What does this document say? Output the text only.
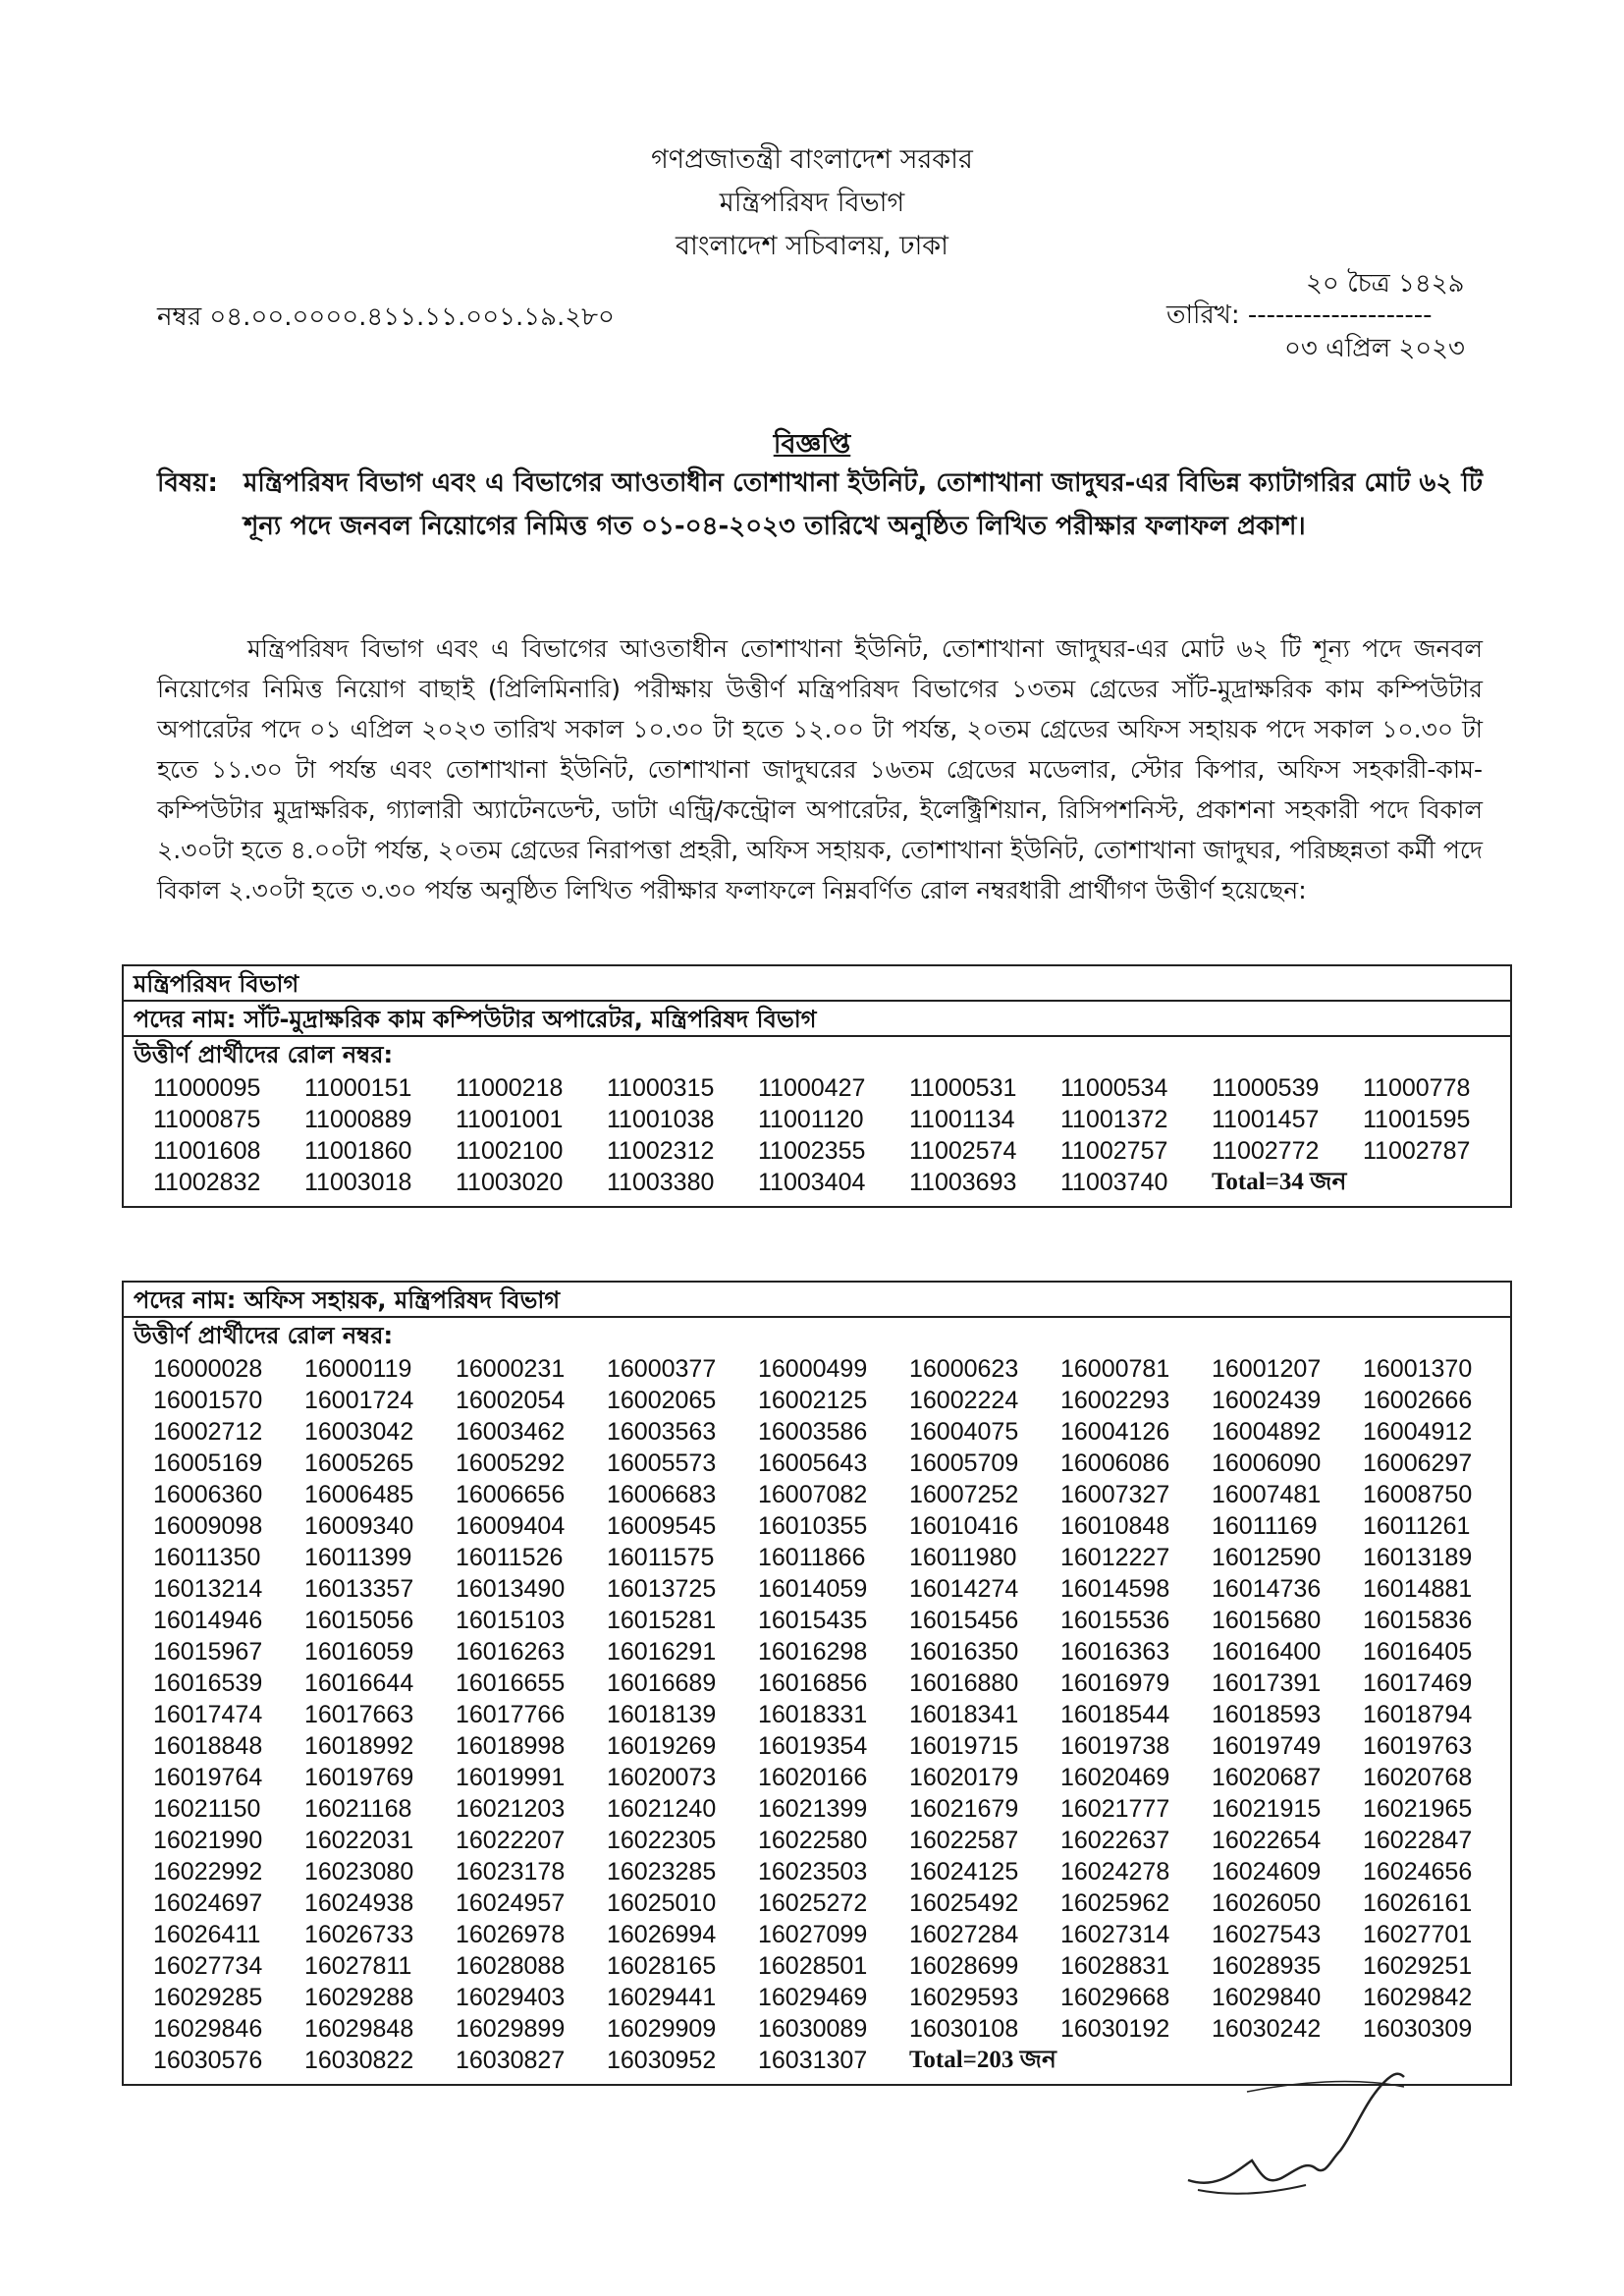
গণপ্রজাতন্ত্রী বাংলাদেশ সরকার
মন্ত্রিপরিষদ বিভাগ
বাংলাদেশ সচিবালয়, ঢাকা
২০ চৈত্র ১৪২৯
নম্বর ০৪.০০.০০০০.৪১১.১১.০০১.১৯.২৮০	তারিখ: --------------------
০৩ এপ্রিল ২০২৩
বিজ্ঞপ্তি
বিষয়: মন্ত্রিপরিষদ বিভাগ এবং এ বিভাগের আওতাধীন তোশাখানা ইউনিট, তোশাখানা জাদুঘর-এর বিভিন্ন ক্যাটাগরির মোট ৬২ টি শূন্য পদে জনবল নিয়োগের নিমিত্ত গত ০১-০৪-২০২৩ তারিখে অনুষ্ঠিত লিখিত পরীক্ষার ফলাফল প্রকাশ।
মন্ত্রিপরিষদ বিভাগ এবং এ বিভাগের আওতাধীন তোশাখানা ইউনিট, তোশাখানা জাদুঘর-এর মোট ৬২ টি শূন্য পদে জনবল নিয়োগের নিমিত্ত নিয়োগ বাছাই (প্রিলিমিনারি) পরীক্ষায় উত্তীর্ণ মন্ত্রিপরিষদ বিভাগের ১৩তম গ্রেডের সাঁট-মুদ্রাক্ষরিক কাম কম্পিউটার অপারেটর পদে ০১ এপ্রিল ২০২৩ তারিখ সকাল ১০.৩০ টা হতে ১২.০০ টা পর্যন্ত, ২০তম গ্রেডের অফিস সহায়ক পদে সকাল ১০.৩০ টা হতে ১১.৩০ টা পর্যন্ত এবং তোশাখানা ইউনিট, তোশাখানা জাদুঘরের ১৬তম গ্রেডের মডেলার, স্টোর কিপার, অফিস সহকারী-কাম-কম্পিউটার মুদ্রাক্ষরিক, গ্যালারী অ্যাটেনডেন্ট, ডাটা এন্ট্রি/কন্ট্রোল অপারেটর, ইলেক্ট্রিশিয়ান, রিসিপশনিস্ট, প্রকাশনা সহকারী পদে বিকাল ২.৩০টা হতে ৪.০০টা পর্যন্ত, ২০তম গ্রেডের নিরাপত্তা প্রহরী, অফিস সহায়ক, তোশাখানা ইউনিট, তোশাখানা জাদুঘর, পরিচ্ছন্নতা কর্মী পদে বিকাল ২.৩০টা হতে ৩.৩০ পর্যন্ত অনুষ্ঠিত লিখিত পরীক্ষার ফলাফলে নিম্নবর্ণিত রোল নম্বরধারী প্রার্থীগণ উত্তীর্ণ হয়েছেন:
মন্ত্রিপরিষদ বিভাগ
পদের নাম: সাঁট-মুদ্রাক্ষরিক কাম কম্পিউটার অপারেটর, মন্ত্রিপরিষদ বিভাগ
উত্তীর্ণ প্রার্থীদের রোল নম্বর:
11000095	11000151	11000218	11000315	11000427	11000531	11000534	11000539	11000778
11000875	11000889	11001001	11001038	11001120	11001134	11001372	11001457	11001595
11001608	11001860	11002100	11002312	11002355	11002574	11002757	11002772	11002787
11002832	11003018	11003020	11003380	11003404	11003693	11003740	Total=34 জন
পদের নাম: অফিস সহায়ক, মন্ত্রিপরিষদ বিভাগ
উত্তীর্ণ প্রার্থীদের রোল নম্বর:
16000028	16000119	16000231	16000377	16000499	16000623	16000781	16001207	16001370
16001570	16001724	16002054	16002065	16002125	16002224	16002293	16002439	16002666
16002712	16003042	16003462	16003563	16003586	16004075	16004126	16004892	16004912
16005169	16005265	16005292	16005573	16005643	16005709	16006086	16006090	16006297
16006360	16006485	16006656	16006683	16007082	16007252	16007327	16007481	16008750
16009098	16009340	16009404	16009545	16010355	16010416	16010848	16011169	16011261
16011350	16011399	16011526	16011575	16011866	16011980	16012227	16012590	16013189
16013214	16013357	16013490	16013725	16014059	16014274	16014598	16014736	16014881
16014946	16015056	16015103	16015281	16015435	16015456	16015536	16015680	16015836
16015967	16016059	16016263	16016291	16016298	16016350	16016363	16016400	16016405
16016539	16016644	16016655	16016689	16016856	16016880	16016979	16017391	16017469
16017474	16017663	16017766	16018139	16018331	16018341	16018544	16018593	16018794
16018848	16018992	16018998	16019269	16019354	16019715	16019738	16019749	16019763
16019764	16019769	16019991	16020073	16020166	16020179	16020469	16020687	16020768
16021150	16021168	16021203	16021240	16021399	16021679	16021777	16021915	16021965
16021990	16022031	16022207	16022305	16022580	16022587	16022637	16022654	16022847
16022992	16023080	16023178	16023285	16023503	16024125	16024278	16024609	16024656
16024697	16024938	16024957	16025010	16025272	16025492	16025962	16026050	16026161
16026411	16026733	16026978	16026994	16027099	16027284	16027314	16027543	16027701
16027734	16027811	16028088	16028165	16028501	16028699	16028831	16028935	16029251
16029285	16029288	16029403	16029441	16029469	16029593	16029668	16029840	16029842
16029846	16029848	16029899	16029909	16030089	16030108	16030192	16030242	16030309
16030576	16030822	16030827	16030952	16031307	Total=203 জন
